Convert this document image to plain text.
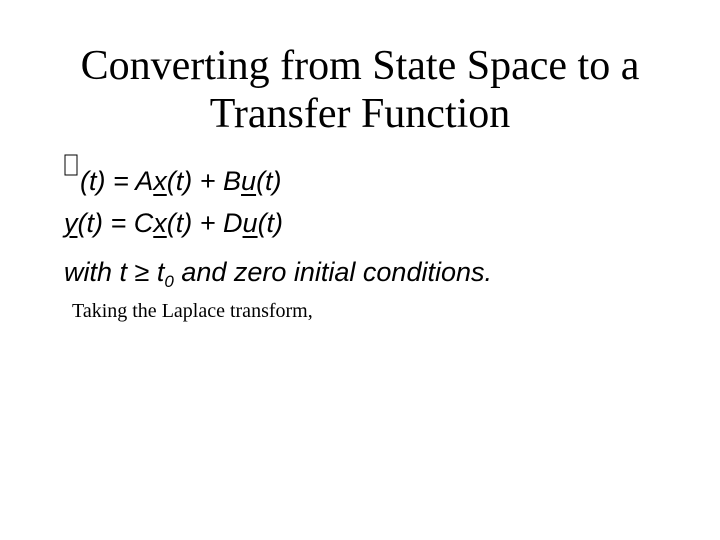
Converting from State Space to a
Transfer Function
(t) = Ax(t) + Bu(t)
y(t) = Cx(t) + Du(t)
with $t \ge t_0$ and zero initial conditions.
Taking the Laplace transform,
